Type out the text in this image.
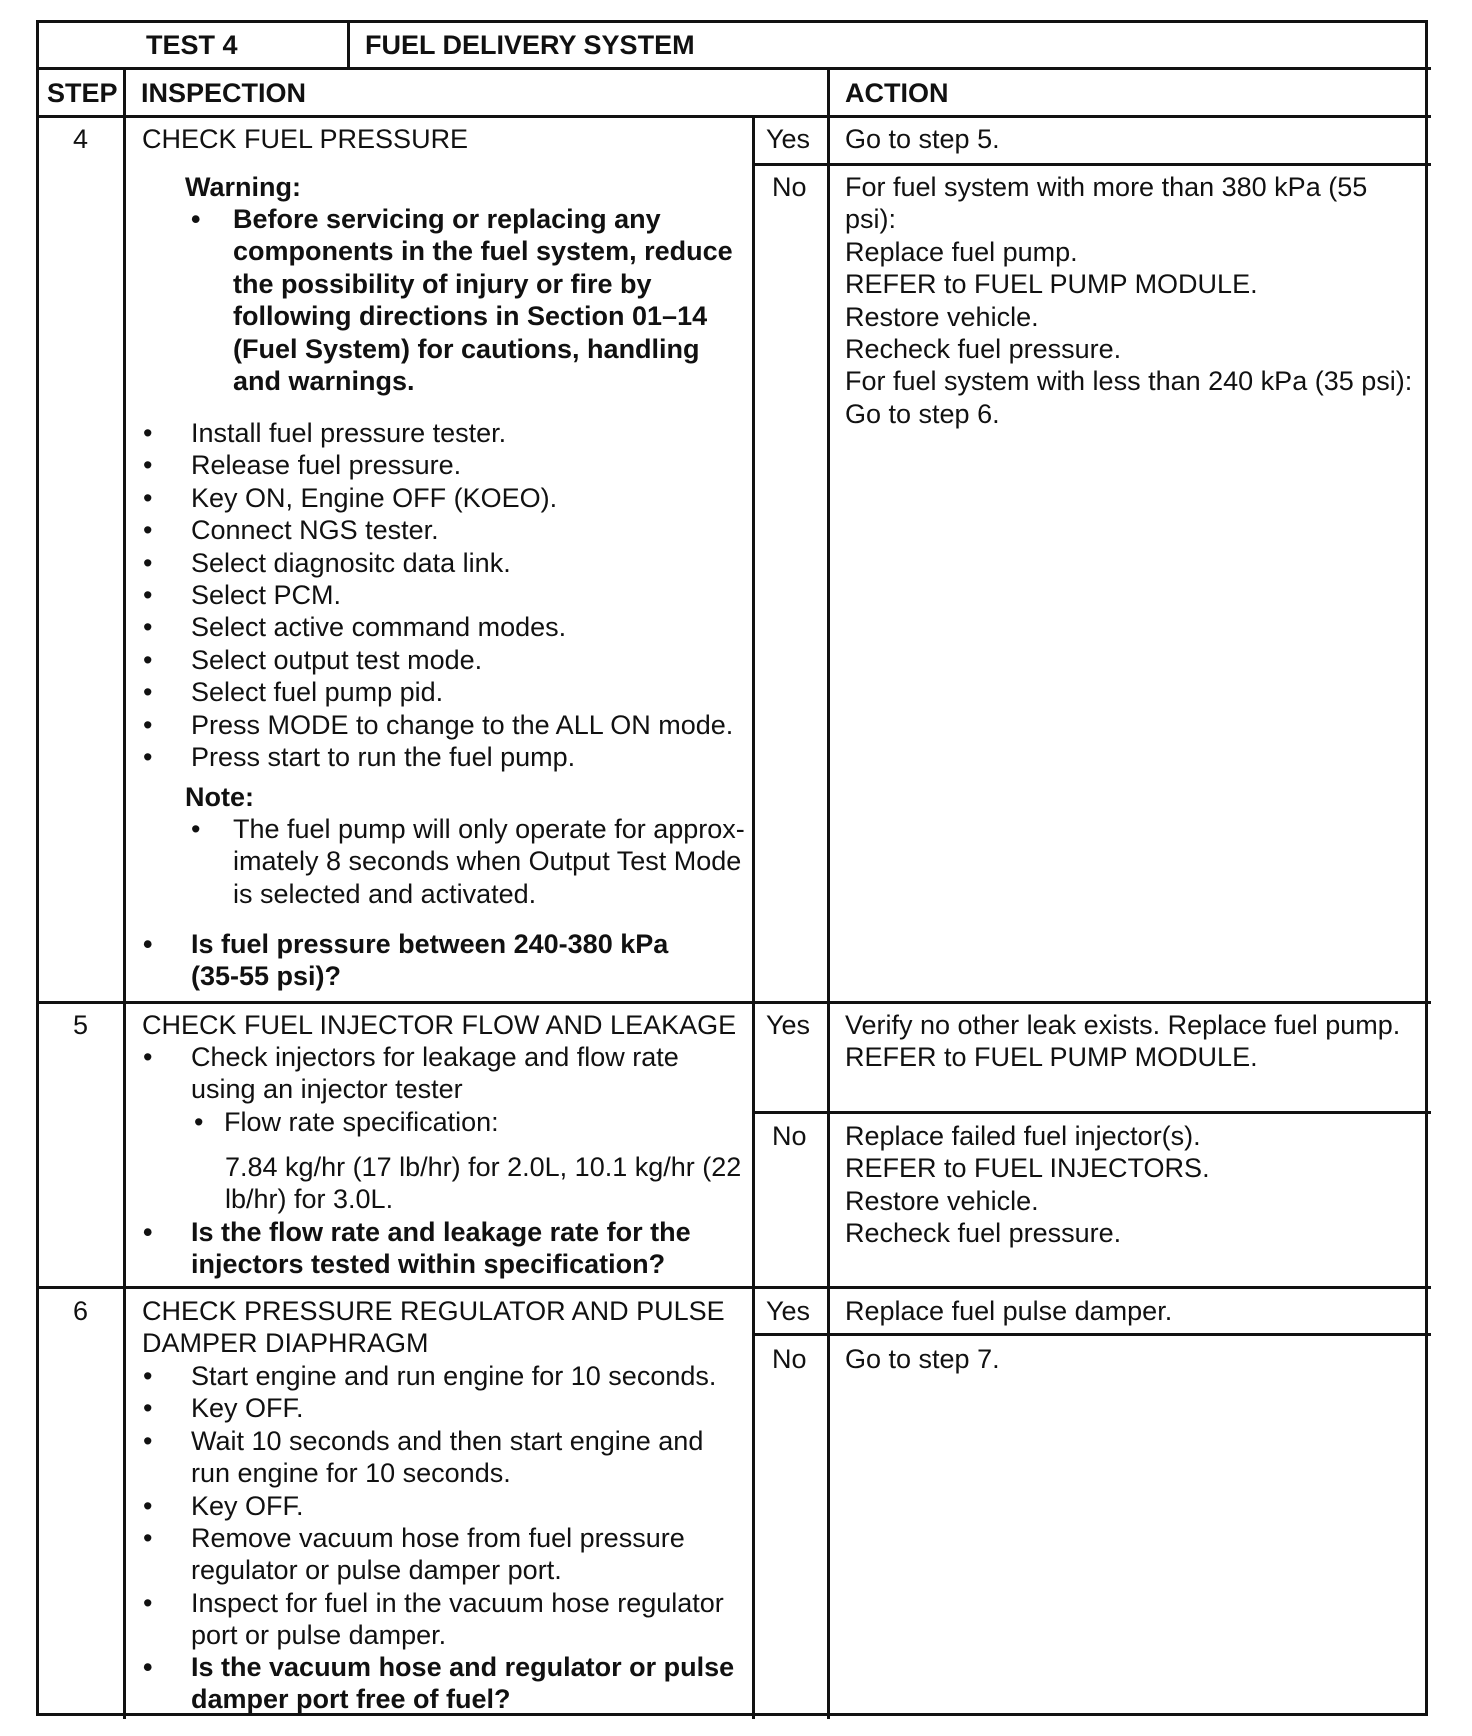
TEST 4	FUEL DELIVERY SYSTEM
STEP INSPECTION	ACTION
4 CHECK FUEL PRESSURE
Warning:
• Before servicing or replacing any
components in the fuel system, reduce
the possibility of injury or fire by
following directions in Section 01–14
(Fuel System) for cautions, handling
and warnings.
• Install fuel pressure tester.
• Release fuel pressure.
• Key ON, Engine OFF (KOEO).
• Connect NGS tester.
• Select diagnositc data link.
• Select PCM.
• Select active command modes.
• Select output test mode.
• Select fuel pump pid.
• Press MODE to change to the ALL ON mode.
• Press start to run the fuel pump.
Note:
• The fuel pump will only operate for approx-
imately 8 seconds when Output Test Mode
is selected and activated.
• Is fuel pressure between 240-380 kPa
(35-55 psi)?
Yes Go to step 5.
No For fuel system with more than 380 kPa (55
psi):
Replace fuel pump.
REFER to FUEL PUMP MODULE.
Restore vehicle.
Recheck fuel pressure.
For fuel system with less than 240 kPa (35 psi):
Go to step 6.
5 CHECK FUEL INJECTOR FLOW AND LEAKAGE
• Check injectors for leakage and flow rate
using an injector tester
• Flow rate specification:
7.84 kg/hr (17 lb/hr) for 2.0L, 10.1 kg/hr (22
lb/hr) for 3.0L.
• Is the flow rate and leakage rate for the
injectors tested within specification?
Yes Verify no other leak exists. Replace fuel pump.
REFER to FUEL PUMP MODULE.
No Replace failed fuel injector(s).
REFER to FUEL INJECTORS.
Restore vehicle.
Recheck fuel pressure.
6 CHECK PRESSURE REGULATOR AND PULSE
DAMPER DIAPHRAGM
• Start engine and run engine for 10 seconds.
• Key OFF.
• Wait 10 seconds and then start engine and
run engine for 10 seconds.
• Key OFF.
• Remove vacuum hose from fuel pressure
regulator or pulse damper port.
• Inspect for fuel in the vacuum hose regulator
port or pulse damper.
• Is the vacuum hose and regulator or pulse
damper port free of fuel?
Yes Replace fuel pulse damper.
No Go to step 7.
